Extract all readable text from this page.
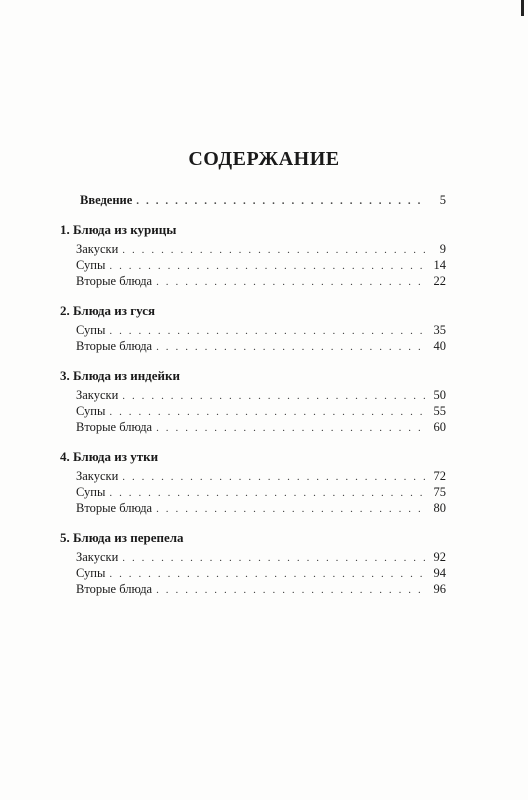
СОДЕРЖАНИЕ
Введение . . .	5
1. Блюда из курицы
Закуски . . .	9
Супы . . .	14
Вторые блюда . . .	22
2. Блюда из гуся
Супы . . .	35
Вторые блюда . . .	40
3. Блюда из индейки
Закуски . . .	50
Супы . . .	55
Вторые блюда . . .	60
4. Блюда из утки
Закуски . . .	72
Супы . . .	75
Вторые блюда . . .	80
5. Блюда из перепела
Закуски . . .	92
Супы . . .	94
Вторые блюда . . .	96
